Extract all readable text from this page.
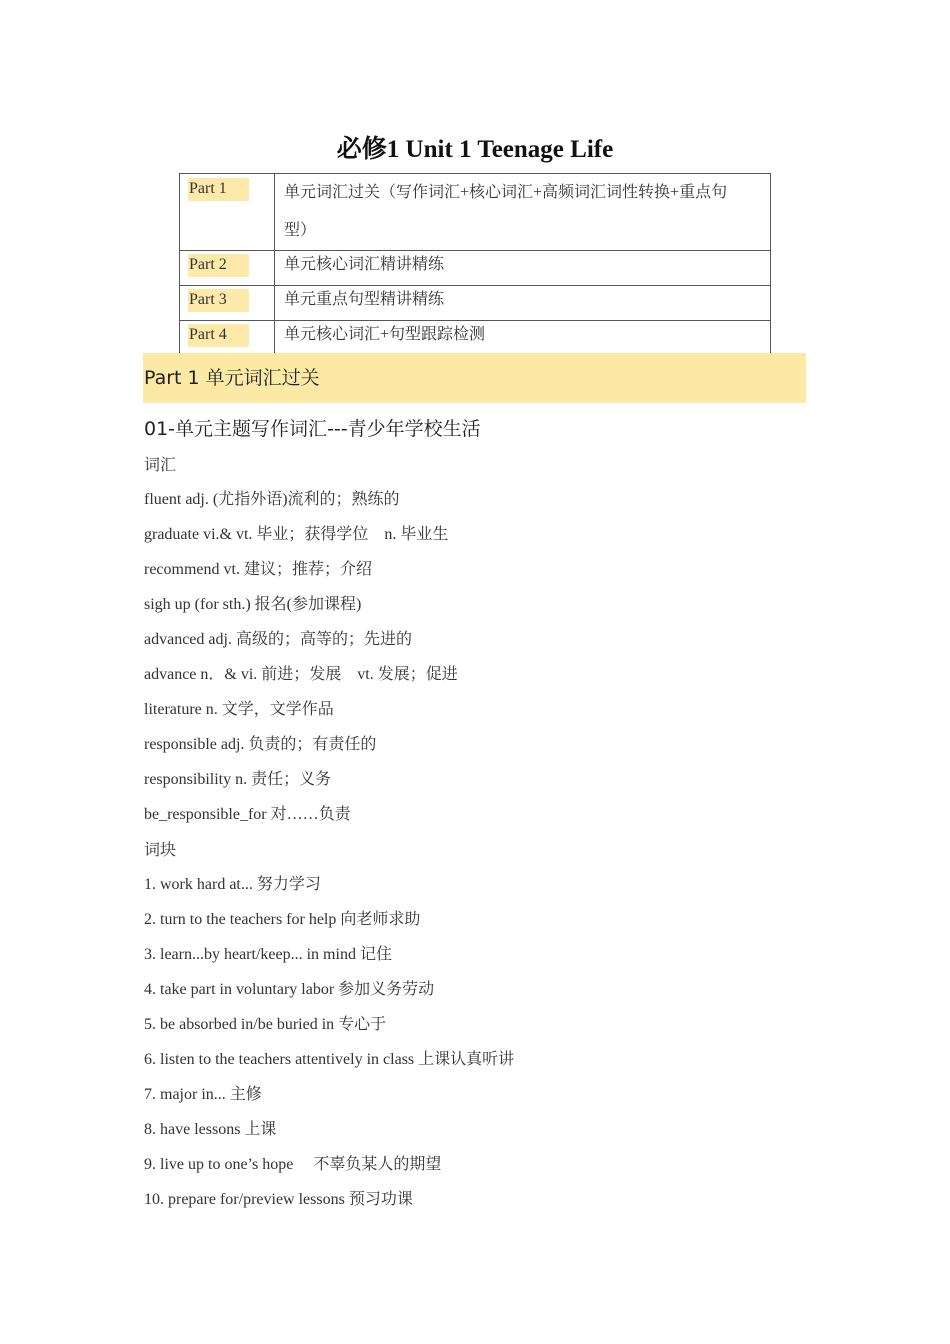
必修1 Unit 1 Teenage Life
Part 1	单元词汇过关（写作词汇+核心词汇+高频词汇词性转换+重点句
型）

Part 2	单元核心词汇精讲精练
Part 3	单元重点句型精讲精练
Part 4	单元核心词汇+句型跟踪检测
Part 1 单元词汇过关
01-单元主题写作词汇---青少年学校生活
词汇
fluent adj. (尤指外语)流利的；熟练的
graduate vi.& vt. 毕业；获得学位　n. 毕业生
recommend vt. 建议；推荐；介绍
sigh up (for sth.) 报名(参加课程)
advanced adj. 高级的；高等的；先进的
advance n．& vi. 前进；发展　vt. 发展；促进
literature n. 文学，文学作品
responsible adj. 负责的；有责任的
responsibility n. 责任；义务
be_responsible_for 对……负责
词块
1. work hard at... 努力学习
2. turn to the teachers for help 向老师求助
3. learn...by heart/keep... in mind 记住
4. take part in voluntary labor 参加义务劳动
5. be absorbed in/be buried in 专心于
6. listen to the teachers attentively in class 上课认真听讲
7. major in... 主修
8. have lessons 上课
9. live up to one’s hope　 不辜负某人的期望
10. prepare for/preview lessons 预习功课
